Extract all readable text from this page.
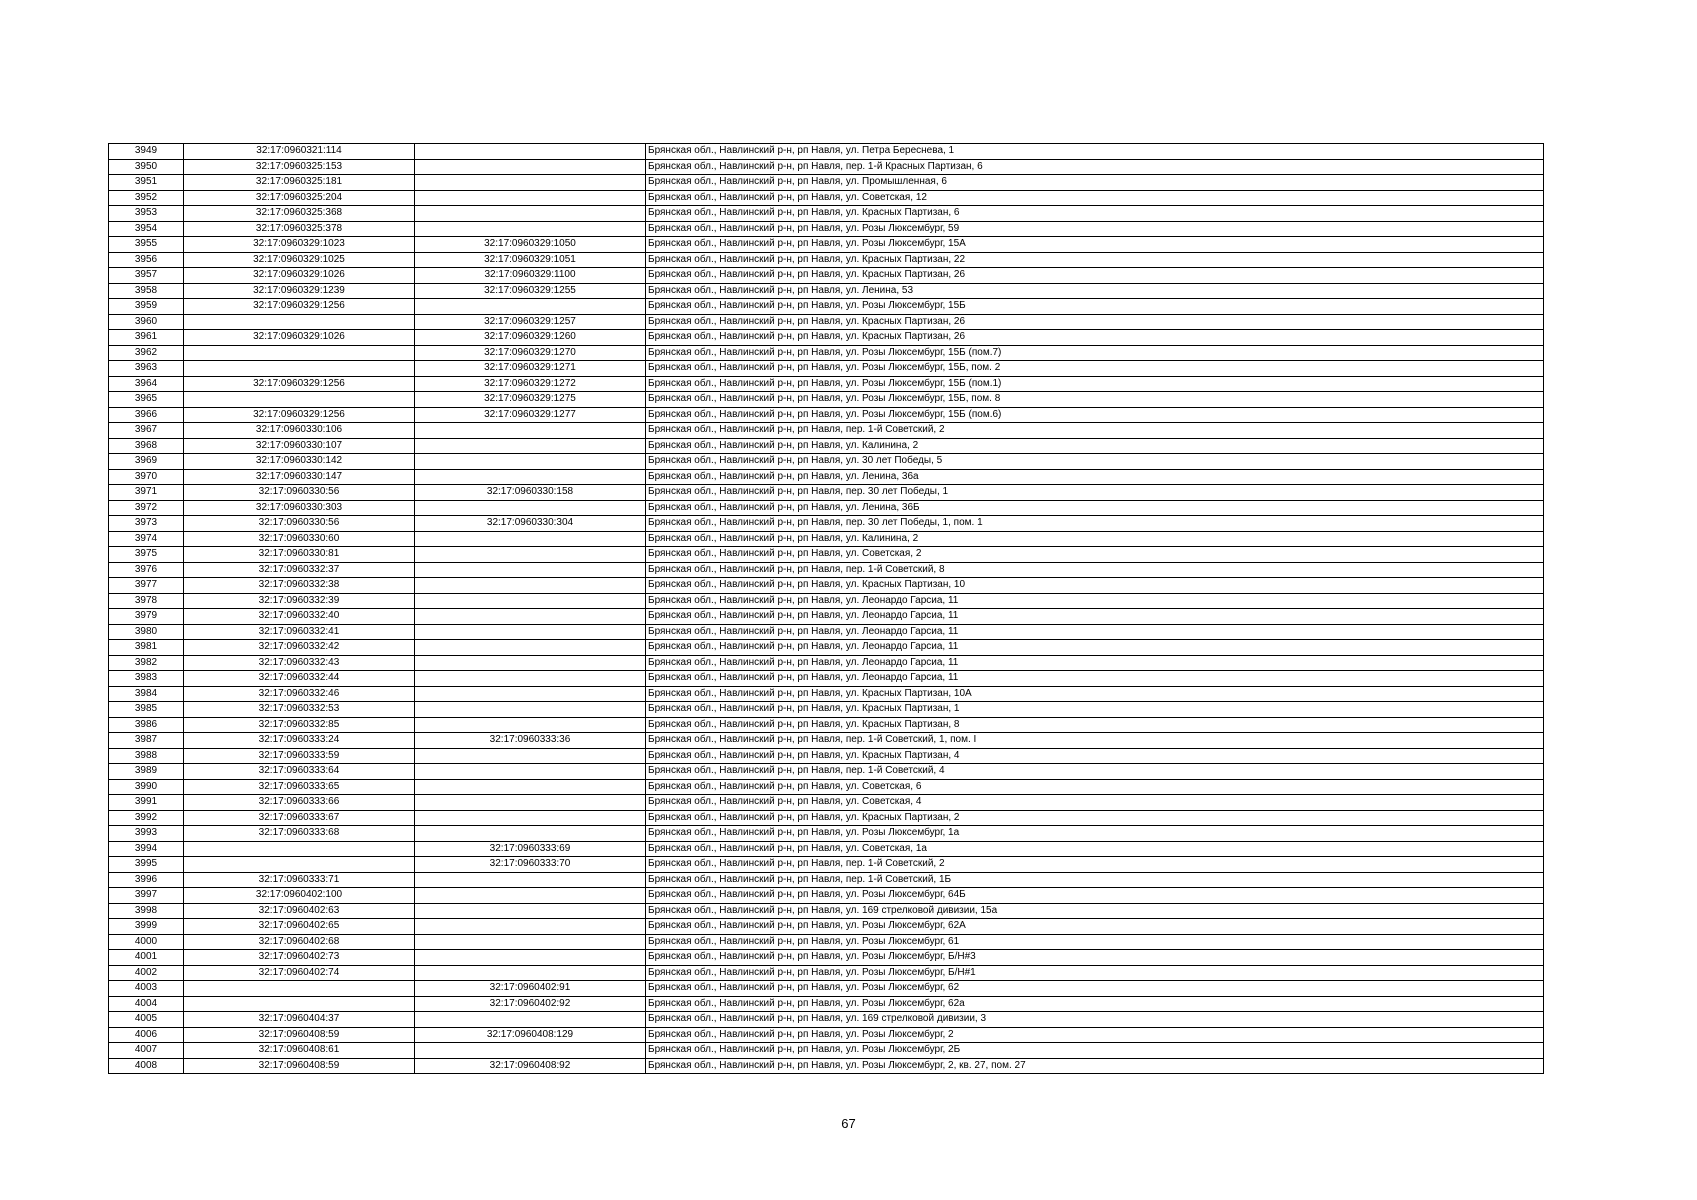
3949	32:17:0960321:114		Брянская обл., Навлинский р-н, рп Навля, ул. Петра Береснева, 1
3950	32:17:0960325:153		Брянская обл., Навлинский р-н, рп Навля, пер. 1-й Красных Партизан, 6
3951	32:17:0960325:181		Брянская обл., Навлинский р-н, рп Навля, ул. Промышленная, 6
3952	32:17:0960325:204		Брянская обл., Навлинский р-н, рп Навля, ул. Советская, 12
3953	32:17:0960325:368		Брянская обл., Навлинский р-н, рп Навля, ул. Красных Партизан, 6
3954	32:17:0960325:378		Брянская обл., Навлинский р-н, рп Навля, ул. Розы Люксембург, 59
3955	32:17:0960329:1023	32:17:0960329:1050	Брянская обл., Навлинский р-н, рп Навля, ул. Розы Люксембург, 15А
3956	32:17:0960329:1025	32:17:0960329:1051	Брянская обл., Навлинский р-н, рп Навля, ул. Красных Партизан, 22
3957	32:17:0960329:1026	32:17:0960329:1100	Брянская обл., Навлинский р-н, рп Навля, ул. Красных Партизан, 26
3958	32:17:0960329:1239	32:17:0960329:1255	Брянская обл., Навлинский р-н, рп Навля, ул. Ленина, 53
3959	32:17:0960329:1256		Брянская обл., Навлинский р-н, рп Навля, ул. Розы Люксембург, 15Б
3960		32:17:0960329:1257	Брянская обл., Навлинский р-н, рп Навля, ул. Красных Партизан, 26
3961	32:17:0960329:1026	32:17:0960329:1260	Брянская обл., Навлинский р-н, рп Навля, ул. Красных Партизан, 26
3962		32:17:0960329:1270	Брянская обл., Навлинский р-н, рп Навля, ул. Розы Люксембург, 15Б (пом.7)
3963		32:17:0960329:1271	Брянская обл., Навлинский р-н, рп Навля, ул. Розы Люксембург, 15Б, пом. 2
3964	32:17:0960329:1256	32:17:0960329:1272	Брянская обл., Навлинский р-н, рп Навля, ул. Розы Люксембург, 15Б (пом.1)
3965		32:17:0960329:1275	Брянская обл., Навлинский р-н, рп Навля, ул. Розы Люксембург, 15Б, пом. 8
3966	32:17:0960329:1256	32:17:0960329:1277	Брянская обл., Навлинский р-н, рп Навля, ул. Розы Люксембург, 15Б (пом.6)
3967	32:17:0960330:106		Брянская обл., Навлинский р-н, рп Навля, пер. 1-й Советский, 2
3968	32:17:0960330:107		Брянская обл., Навлинский р-н, рп Навля, ул. Калинина, 2
3969	32:17:0960330:142		Брянская обл., Навлинский р-н, рп Навля, ул. 30 лет Победы, 5
3970	32:17:0960330:147		Брянская обл., Навлинский р-н, рп Навля, ул. Ленина, 36а
3971	32:17:0960330:56	32:17:0960330:158	Брянская обл., Навлинский р-н, рп Навля, пер. 30 лет Победы, 1
3972	32:17:0960330:303		Брянская обл., Навлинский р-н, рп Навля, ул. Ленина, 36Б
3973	32:17:0960330:56	32:17:0960330:304	Брянская обл., Навлинский р-н, рп Навля, пер. 30 лет Победы, 1, пом. 1
3974	32:17:0960330:60		Брянская обл., Навлинский р-н, рп Навля, ул. Калинина, 2
3975	32:17:0960330:81		Брянская обл., Навлинский р-н, рп Навля, ул. Советская, 2
3976	32:17:0960332:37		Брянская обл., Навлинский р-н, рп Навля, пер. 1-й Советский, 8
3977	32:17:0960332:38		Брянская обл., Навлинский р-н, рп Навля, ул. Красных Партизан, 10
3978	32:17:0960332:39		Брянская обл., Навлинский р-н, рп Навля, ул. Леонардо Гарсиа, 11
3979	32:17:0960332:40		Брянская обл., Навлинский р-н, рп Навля, ул. Леонардо Гарсиа, 11
3980	32:17:0960332:41		Брянская обл., Навлинский р-н, рп Навля, ул. Леонардо Гарсиа, 11
3981	32:17:0960332:42		Брянская обл., Навлинский р-н, рп Навля, ул. Леонардо Гарсиа, 11
3982	32:17:0960332:43		Брянская обл., Навлинский р-н, рп Навля, ул. Леонардо Гарсиа, 11
3983	32:17:0960332:44		Брянская обл., Навлинский р-н, рп Навля, ул. Леонардо Гарсиа, 11
3984	32:17:0960332:46		Брянская обл., Навлинский р-н, рп Навля, ул. Красных Партизан, 10А
3985	32:17:0960332:53		Брянская обл., Навлинский р-н, рп Навля, ул. Красных Партизан, 1
3986	32:17:0960332:85		Брянская обл., Навлинский р-н, рп Навля, ул. Красных Партизан, 8
3987	32:17:0960333:24	32:17:0960333:36	Брянская обл., Навлинский р-н, рп Навля, пер. 1-й Советский, 1, пом. I
3988	32:17:0960333:59		Брянская обл., Навлинский р-н, рп Навля, ул. Красных Партизан, 4
3989	32:17:0960333:64		Брянская обл., Навлинский р-н, рп Навля, пер. 1-й Советский, 4
3990	32:17:0960333:65		Брянская обл., Навлинский р-н, рп Навля, ул. Советская, 6
3991	32:17:0960333:66		Брянская обл., Навлинский р-н, рп Навля, ул. Советская, 4
3992	32:17:0960333:67		Брянская обл., Навлинский р-н, рп Навля, ул. Красных Партизан, 2
3993	32:17:0960333:68		Брянская обл., Навлинский р-н, рп Навля, ул. Розы Люксембург, 1а
3994		32:17:0960333:69	Брянская обл., Навлинский р-н, рп Навля, ул. Советская, 1а
3995		32:17:0960333:70	Брянская обл., Навлинский р-н, рп Навля, пер. 1-й Советский, 2
3996	32:17:0960333:71		Брянская обл., Навлинский р-н, рп Навля, пер. 1-й Советский, 1Б
3997	32:17:0960402:100		Брянская обл., Навлинский р-н, рп Навля, ул. Розы Люксембург, 64Б
3998	32:17:0960402:63		Брянская обл., Навлинский р-н, рп Навля, ул. 169 стрелковой дивизии, 15а
3999	32:17:0960402:65		Брянская обл., Навлинский р-н, рп Навля, ул. Розы Люксембург, 62А
4000	32:17:0960402:68		Брянская обл., Навлинский р-н, рп Навля, ул. Розы Люксембург, 61
4001	32:17:0960402:73		Брянская обл., Навлинский р-н, рп Навля, ул. Розы Люксембург, Б/Н#3
4002	32:17:0960402:74		Брянская обл., Навлинский р-н, рп Навля, ул. Розы Люксембург, Б/Н#1
4003		32:17:0960402:91	Брянская обл., Навлинский р-н, рп Навля, ул. Розы Люксембург, 62
4004		32:17:0960402:92	Брянская обл., Навлинский р-н, рп Навля, ул. Розы Люксембург, 62а
4005	32:17:0960404:37		Брянская обл., Навлинский р-н, рп Навля, ул. 169 стрелковой дивизии, 3
4006	32:17:0960408:59	32:17:0960408:129	Брянская обл., Навлинский р-н, рп Навля, ул. Розы Люксембург, 2
4007	32:17:0960408:61		Брянская обл., Навлинский р-н, рп Навля, ул. Розы Люксембург, 2Б
4008	32:17:0960408:59	32:17:0960408:92	Брянская обл., Навлинский р-н, рп Навля, ул. Розы Люксембург, 2, кв. 27, пом. 27
67
